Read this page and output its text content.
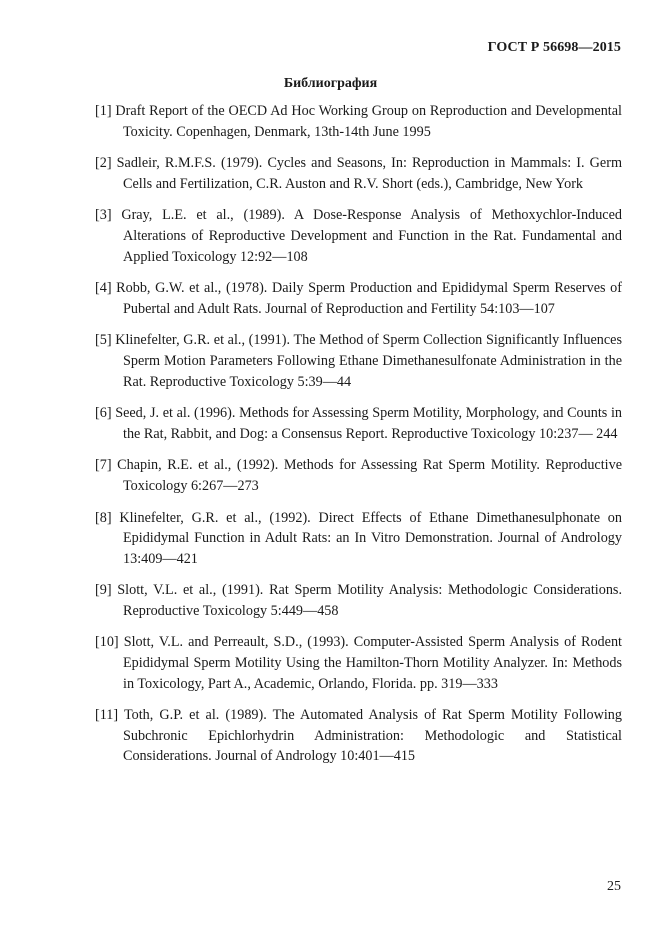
ГОСТ Р 56698—2015
Библиография
[1] Draft Report of the OECD Ad Hoc Working Group on Reproduction and Developmental Toxicity. Copenhagen, Denmark, 13th-14th June 1995
[2] Sadleir, R.M.F.S. (1979). Cycles and Seasons, In: Reproduction in Mammals: I. Germ Cells and Fertilization, C.R. Auston and R.V. Short (eds.), Cambridge, New York
[3] Gray, L.E. et al., (1989). A Dose-Response Analysis of Methoxychlor-Induced Alterations of Reproductive Development and Function in the Rat. Fundamental and Applied Toxicology 12:92—108
[4] Robb, G.W. et al., (1978). Daily Sperm Production and Epididymal Sperm Reserves of Pubertal and Adult Rats. Journal of Reproduction and Fertility 54:103—107
[5] Klinefelter, G.R. et al., (1991). The Method of Sperm Collection Significantly Influences Sperm Motion Parameters Following Ethane Dimethanesulfonate Administration in the Rat. Reproductive Toxicology 5:39—44
[6] Seed, J. et al. (1996). Methods for Assessing Sperm Motility, Morphology, and Counts in the Rat, Rabbit, and Dog: a Consensus Report. Reproductive Toxicology 10:237— 244
[7] Chapin, R.E. et al., (1992). Methods for Assessing Rat Sperm Motility. Reproductive Toxicology 6:267—273
[8] Klinefelter, G.R. et al., (1992). Direct Effects of Ethane Dimethanesulphonate on Epididymal Function in Adult Rats: an In Vitro Demonstration. Journal of Andrology 13:409—421
[9] Slott, V.L. et al., (1991). Rat Sperm Motility Analysis: Methodologic Considerations. Reproductive Toxicology 5:449—458
[10] Slott, V.L. and Perreault, S.D., (1993). Computer-Assisted Sperm Analysis of Rodent Epididymal Sperm Motility Using the Hamilton-Thorn Motility Analyzer. In: Methods in Toxicology, Part A., Academic, Orlando, Florida. pp. 319—333
[11] Toth, G.P. et al. (1989). The Automated Analysis of Rat Sperm Motility Following Subchronic Epichlorhydrin Administration: Methodologic and Statistical Considerations. Journal of Andrology 10:401—415
25
